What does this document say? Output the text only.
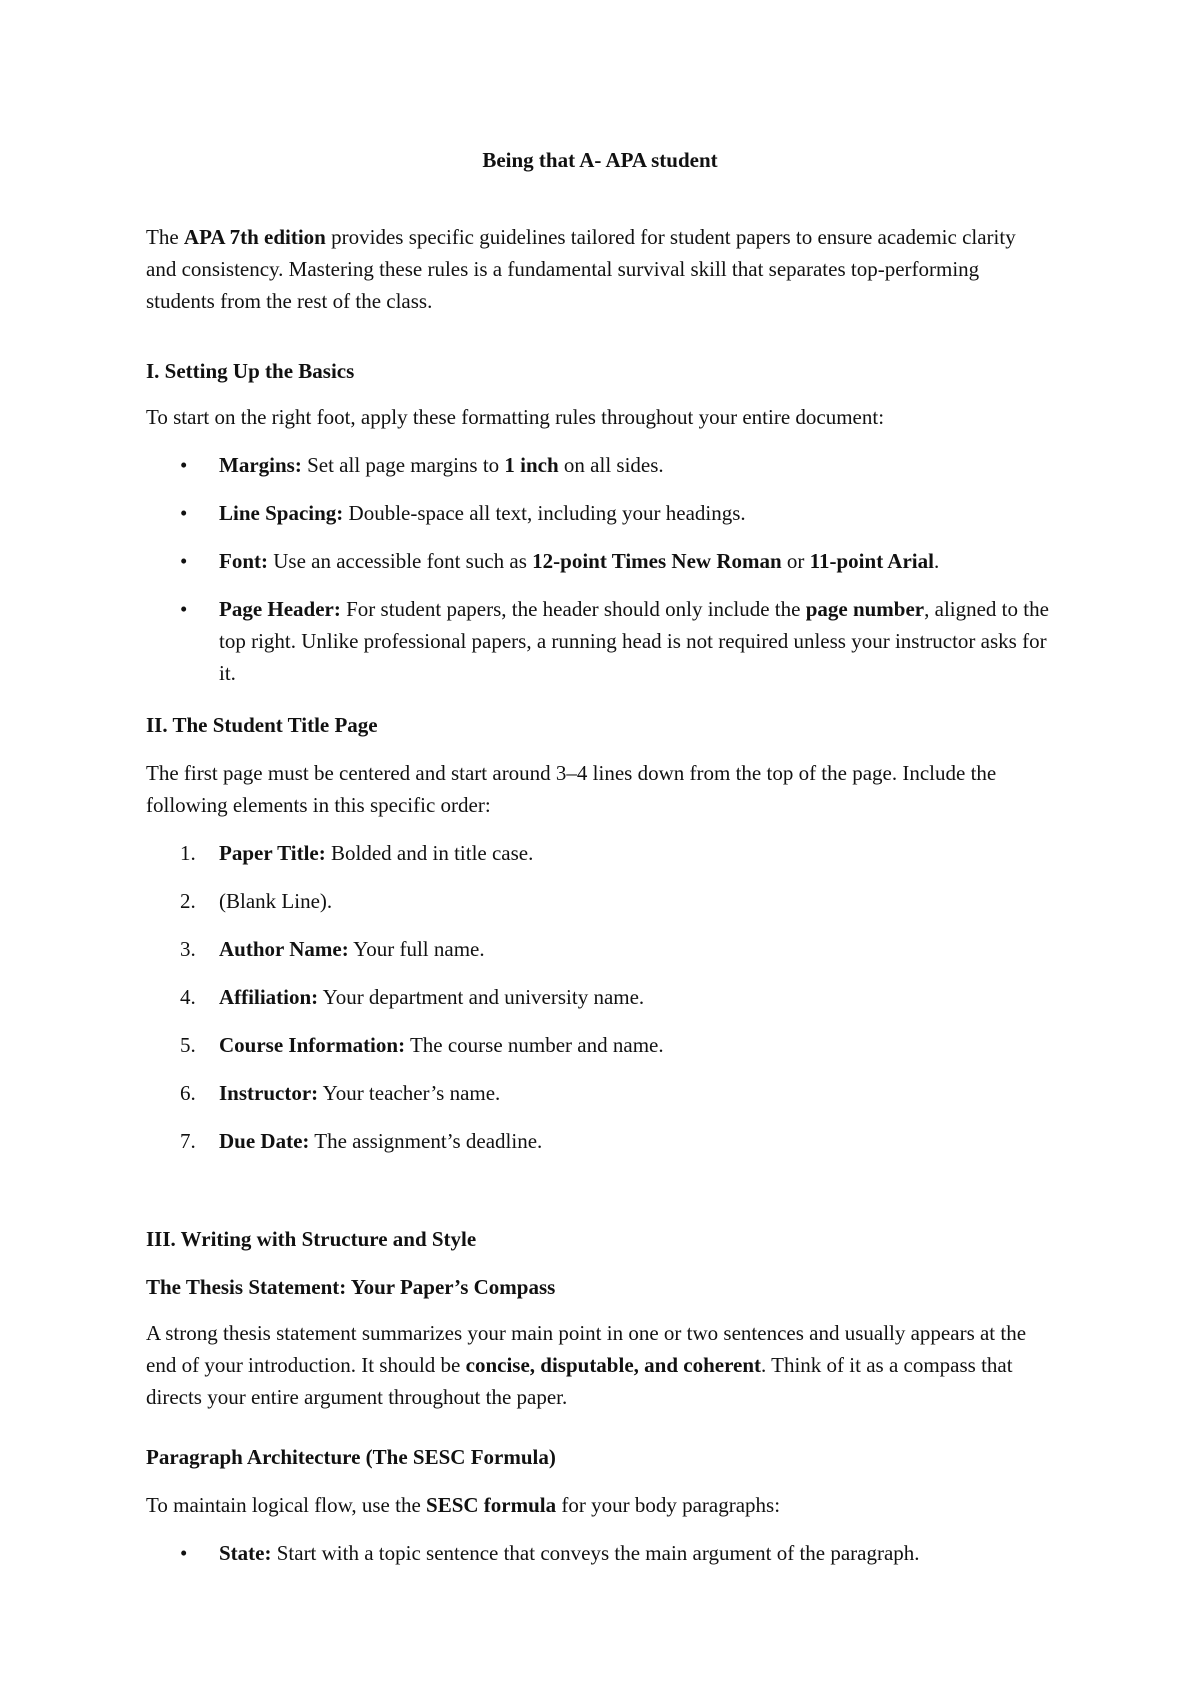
Being that A- APA student
The APA 7th edition provides specific guidelines tailored for student papers to ensure academic clarity and consistency. Mastering these rules is a fundamental survival skill that separates top-performing students from the rest of the class.
I. Setting Up the Basics
To start on the right foot, apply these formatting rules throughout your entire document:
• Margins: Set all page margins to 1 inch on all sides.
• Line Spacing: Double-space all text, including your headings.
• Font: Use an accessible font such as 12-point Times New Roman or 11-point Arial.
• Page Header: For student papers, the header should only include the page number, aligned to the top right. Unlike professional papers, a running head is not required unless your instructor asks for it.
II. The Student Title Page
The first page must be centered and start around 3–4 lines down from the top of the page. Include the following elements in this specific order:
1.	Paper Title: Bolded and in title case.
2.	(Blank Line).
3.	Author Name: Your full name.
4.	Affiliation: Your department and university name.
5.	Course Information: The course number and name.
6.	Instructor: Your teacher’s name.
7.	Due Date: The assignment’s deadline.
III. Writing with Structure and Style
The Thesis Statement: Your Paper’s Compass
A strong thesis statement summarizes your main point in one or two sentences and usually appears at the end of your introduction. It should be concise, disputable, and coherent. Think of it as a compass that directs your entire argument throughout the paper.
Paragraph Architecture (The SESC Formula)
To maintain logical flow, use the SESC formula for your body paragraphs:
• State: Start with a topic sentence that conveys the main argument of the paragraph.
